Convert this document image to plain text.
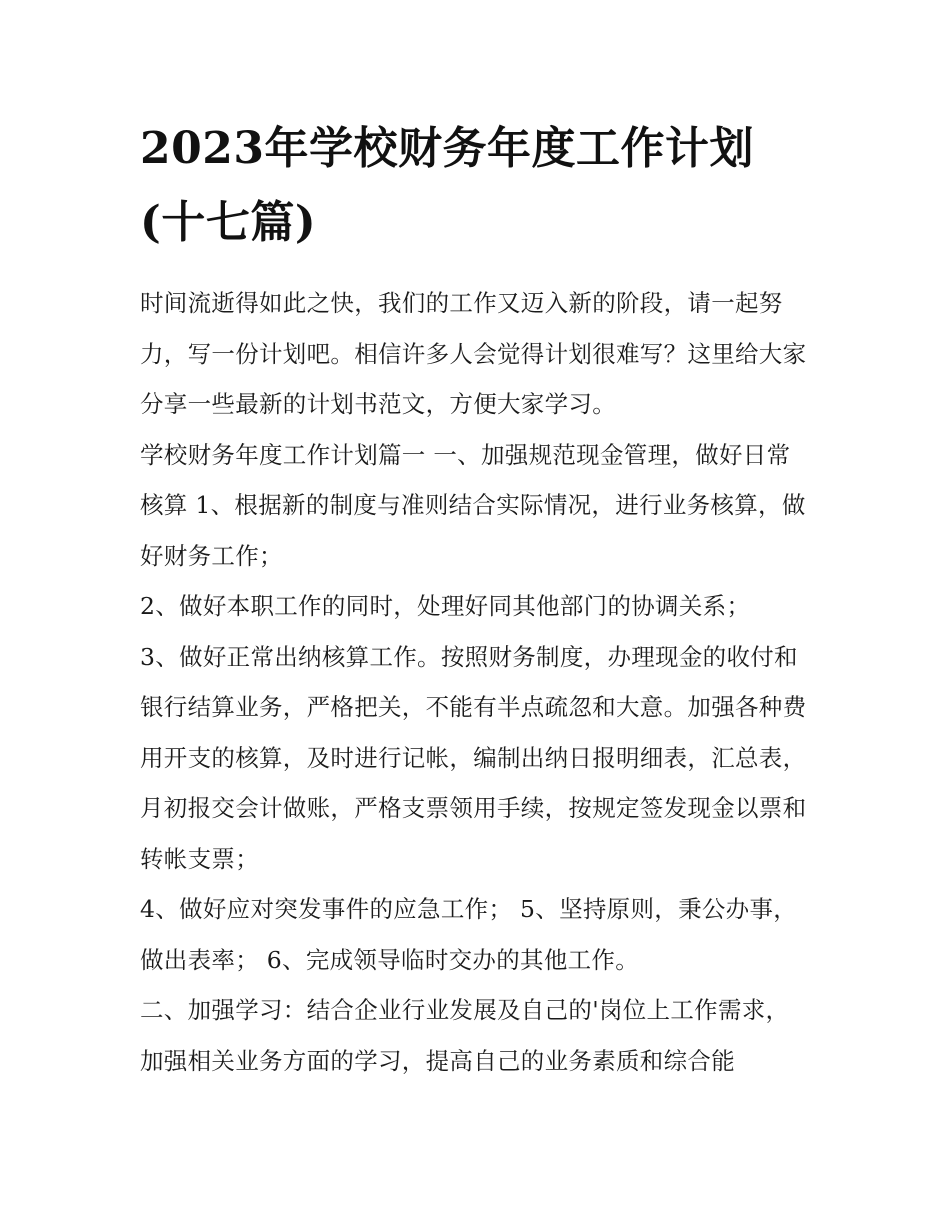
2023年学校财务年度工作计划(十七篇)

时间流逝得如此之快，我们的工作又迈入新的阶段，请一起努力，写一份计划吧。相信许多人会觉得计划很难写？这里给大家分享一些最新的计划书范文，方便大家学习。

学校财务年度工作计划篇一 一、加强规范现金管理，做好日常核算 1、根据新的制度与准则结合实际情况，进行业务核算，做好财务工作；

2、做好本职工作的同时，处理好同其他部门的协调关系；

3、做好正常出纳核算工作。按照财务制度，办理现金的收付和银行结算业务，严格把关，不能有半点疏忽和大意。加强各种费用开支的核算，及时进行记帐，编制出纳日报明细表，汇总表，月初报交会计做账，严格支票领用手续，按规定签发现金以票和转帐支票；

4、做好应对突发事件的应急工作； 5、坚持原则，秉公办事，做出表率； 6、完成领导临时交办的其他工作。

二、加强学习：结合企业行业发展及自己的'岗位上工作需求，加强相关业务方面的学习，提高自己的业务素质和综合能
